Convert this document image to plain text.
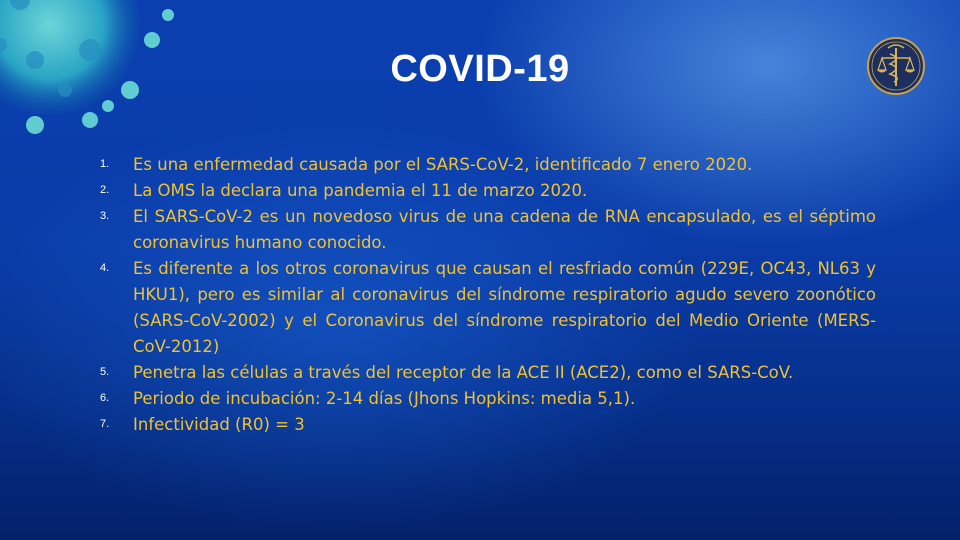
COVID-19
1.	Es una enfermedad causada por el SARS-CoV-2, identificado 7 enero 2020.
2.	La OMS la declara una pandemia el 11 de marzo 2020.
3.	El SARS-CoV-2 es un novedoso virus de una cadena de RNA encapsulado, es el séptimo coronavirus humano conocido.
4.	Es diferente a los otros coronavirus que causan el resfriado común (229E, OC43, NL63 y HKU1), pero es similar al coronavirus del síndrome respiratorio agudo severo zoonótico (SARS-CoV-2002) y el Coronavirus del síndrome respiratorio del Medio Oriente (MERS-CoV-2012)
5.	Penetra las células a través del receptor de la ACE II (ACE2), como el SARS-CoV.
6.	Periodo de incubación: 2-14 días (Jhons Hopkins: media 5,1).
7.	Infectividad (R0) = 3
